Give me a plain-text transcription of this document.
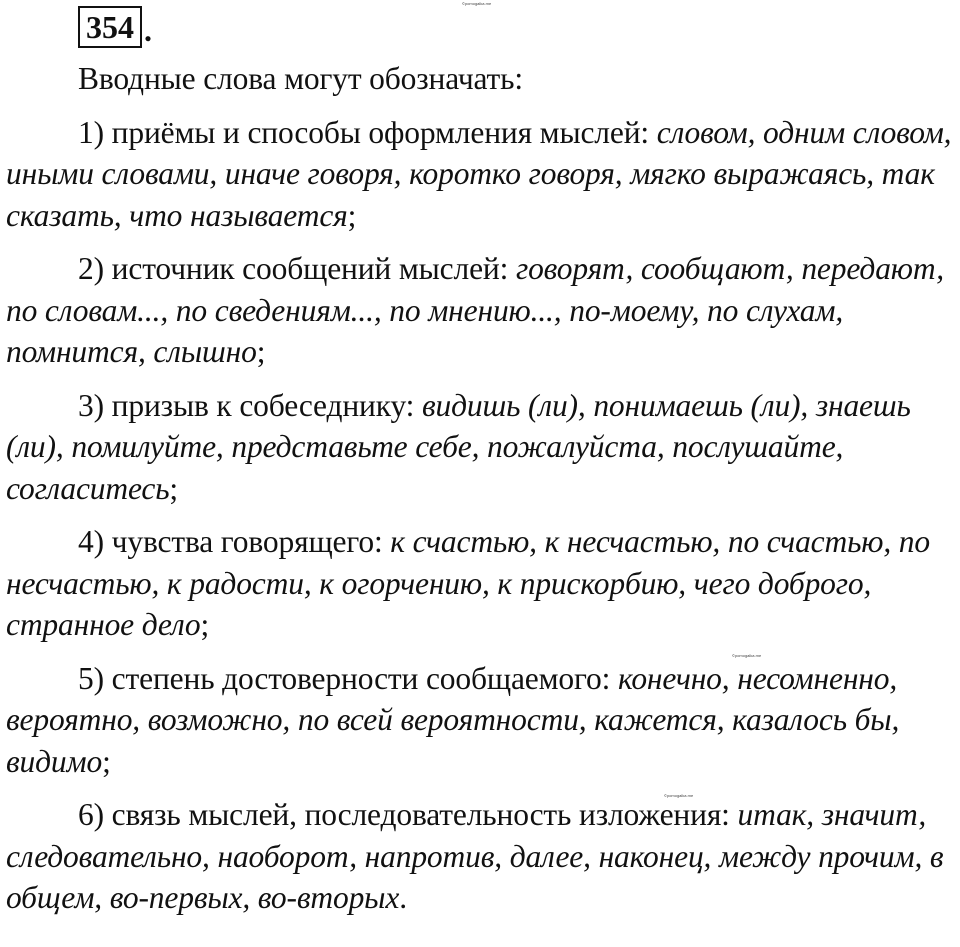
©pomogalka.me
©pomogalka.me
©pomogalka.me
354 .

Вводные слова могут обозначать:

1) приёмы и способы оформления мыслей: словом, одним словом, иными словами, иначе говоря, коротко говоря, мягко выражаясь, так сказать, что называется;

2) источник сообщений мыслей: говорят, сообщают, передают, по словам..., по сведениям..., по мнению..., по-моему, по слухам, помнится, слышно;

3) призыв к собеседнику: видишь (ли), понимаешь (ли), знаешь (ли), помилуйте, представьте себе, пожалуйста, послушайте, согласитесь;

4) чувства говорящего: к счастью, к несчастью, по счастью, по несчастью, к радости, к огорчению, к прискорбию, чего доброго, странное дело;

5) степень достоверности сообщаемого: конечно, несомненно, вероятно, возможно, по всей вероятности, кажется, казалось бы, видимо;

6) связь мыслей, последовательность изложения: итак, значит, следовательно, наоборот, напротив, далее, наконец, между прочим, в общем, во-первых, во-вторых.
